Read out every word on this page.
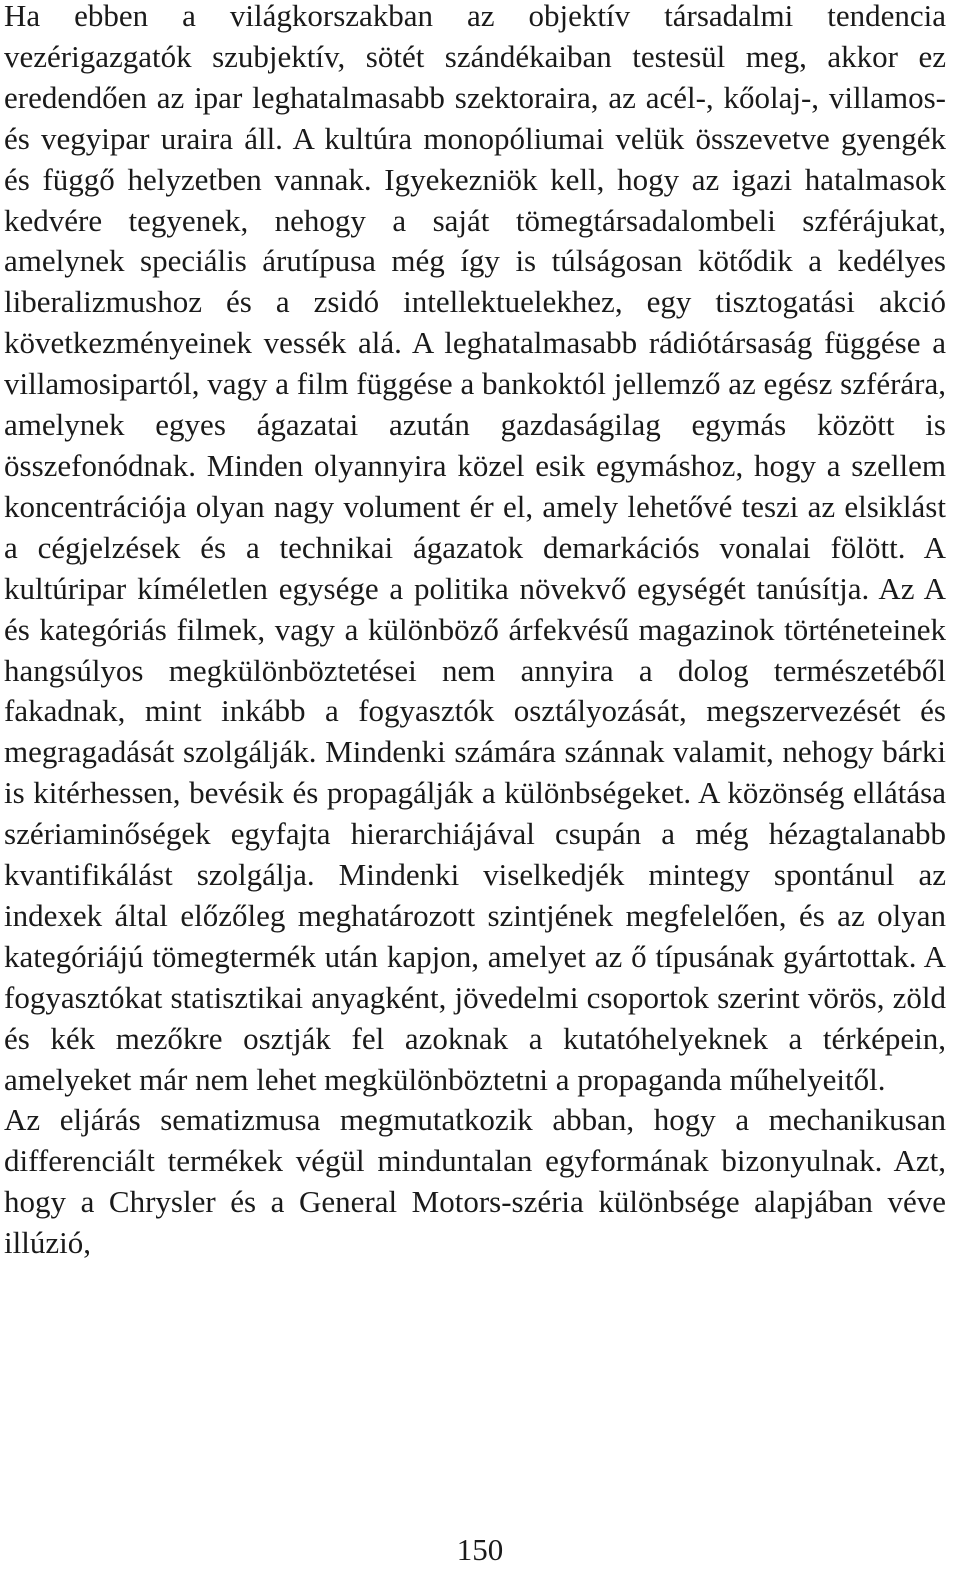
Ha ebben a világkorszakban az objektív társadalmi tendencia vezérigazgatók szubjektív, sötét szándékaiban testesül meg, akkor ez eredendően az ipar leghatalmasabb szektoraira, az acél-, kőolaj-, villamos- és vegyipar uraira áll. A kultúra monopóliumai velük összevetve gyengék és függő helyzetben vannak. Igyekezniök kell, hogy az igazi hatalmasok kedvére tegyenek, nehogy a saját tömegtársadalombeli szférájukat, amelynek speciális árutípusa még így is túlságosan kötődik a kedélyes liberalizmushoz és a zsidó intellektuelekhez, egy tisztogatási akció következményeinek vessék alá. A leghatalmasabb rádiótársaság függése a villamosipartól, vagy a film függése a bankoktól jellemző az egész szférára, amelynek egyes ágazatai azután gazdaságilag egymás között is összefonódnak. Minden olyannyira közel esik egymáshoz, hogy a szellem koncentrációja olyan nagy volument ér el, amely lehetővé teszi az elsiklást a cégjelzések és a technikai ágazatok demarkációs vonalai fölött. A kultúripar kíméletlen egysége a politika növekvő egységét tanúsítja. Az A és kategóriás filmek, vagy a különböző árfekvésű magazinok történeteinek hangsúlyos megkülönböztetései nem annyira a dolog természetéből fakadnak, mint inkább a fogyasztók osztályozását, megszervezését és megragadását szolgálják. Mindenki számára szánnak valamit, nehogy bárki is kitérhessen, bevésik és propagálják a különbségeket. A közönség ellátása szériaminőségek egyfajta hierarchiájával csupán a még hézagtalanabb kvantifikálást szolgálja. Mindenki viselkedjék mintegy spontánul az indexek által előzőleg meghatározott szintjének megfelelően, és az olyan kategóriájú tömegtermék után kapjon, amelyet az ő típusának gyártottak. A fogyasztókat statisztikai anyagként, jövedelmi csoportok szerint vörös, zöld és kék mezőkre osztják fel azoknak a kutatóhelyeknek a térképein, amelyeket már nem lehet megkülönböztetni a propaganda műhelyeitől.

Az eljárás sematizmusa megmutatkozik abban, hogy a mechanikusan differenciált termékek végül minduntalan egyformának bizonyulnak. Azt, hogy a Chrysler és a General Motors-széria különbsége alapjában véve illúzió,

150
